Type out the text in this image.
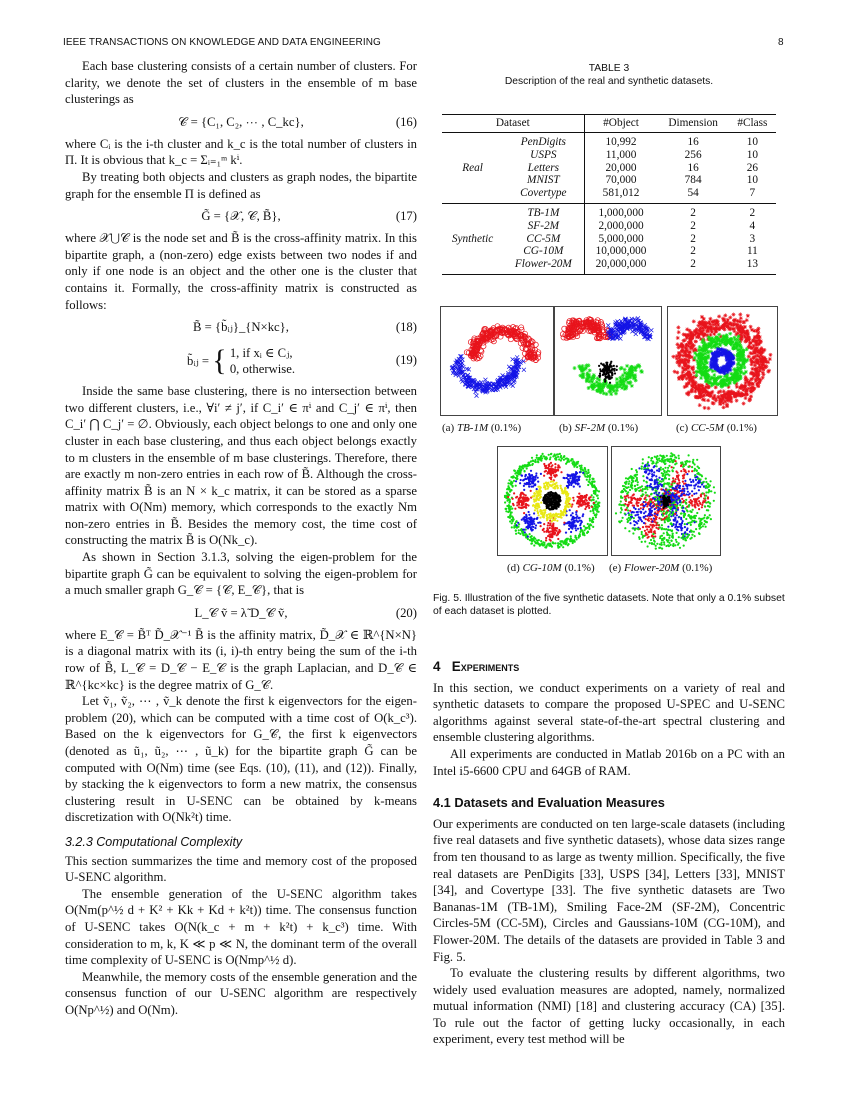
IEEE TRANSACTIONS ON KNOWLEDGE AND DATA ENGINEERING	8

Each base clustering consists of a certain number of clusters. For clarity, we denote the set of clusters in the ensemble of m base clusterings as

𝒞 = {C₁, C₂, ⋯ , C_kc},	(16)

where Cᵢ is the i-th cluster and k_c is the total number of clusters in Π. It is obvious that k_c = Σᵢ₌₁ᵐ kⁱ.

By treating both objects and clusters as graph nodes, the bipartite graph for the ensemble Π is defined as

G̃ = {𝒳, 𝒞, B̃},	(17)

where 𝒳⋃𝒞 is the node set and B̃ is the cross-affinity matrix. In this bipartite graph, a (non-zero) edge exists between two nodes if and only if one node is an object and the other one is the cluster that contains it. Formally, the cross-affinity matrix is constructed as follows:

B̃ = {b̃ᵢⱼ}_{N×kc},	(18)
b̃ᵢⱼ = { 1, if xᵢ ∈ Cⱼ,
0, otherwise.
(19)

Inside the same base clustering, there is no intersection between two different clusters, i.e., ∀i′ ≠ j′, if C_i′ ∈ πⁱ and C_j′ ∈ πⁱ, then C_i′ ⋂ C_j′ = ∅. Obviously, each object belongs to one and only one cluster in each base clustering, and thus each object belongs exactly to m clusters in the ensemble of m base clusterings. Therefore, there are exactly m non-zero entries in each row of B̃. Although the cross-affinity matrix B̃ is an N × k_c matrix, it can be stored as a sparse matrix with O(Nm) memory, which corresponds to the exactly Nm non-zero entries in B̃. Besides the memory cost, the time cost of constructing the matrix B̃ is O(Nk_c).

As shown in Section 3.1.3, solving the eigen-problem for the bipartite graph G̃ can be equivalent to solving the eigen-problem for a much smaller graph G_𝒞 = {𝒞, E_𝒞}, that is

L_𝒞 ṽ = λ̃ D_𝒞 ṽ,	(20)

where E_𝒞 = B̃ᵀ D̃_𝒳⁻¹ B̃ is the affinity matrix, D̃_𝒳 ∈ ℝ^{N×N} is a diagonal matrix with its (i, i)-th entry being the sum of the i-th row of B̃, L_𝒞 = D_𝒞 − E_𝒞 is the graph Laplacian, and D_𝒞 ∈ ℝ^{kc×kc} is the degree matrix of G_𝒞.

Let ṽ₁, ṽ₂, ⋯ , ṽ_k denote the first k eigenvectors for the eigen-problem (20), which can be computed with a time cost of O(k_c³). Based on the k eigenvectors for G_𝒞, the first k eigenvectors (denoted as ũ₁, ũ₂, ⋯ , ũ_k) for the bipartite graph G̃ can be computed with O(Nm) time (see Eqs. (10), (11), and (12)). Finally, by stacking the k eigenvectors to form a new matrix, the consensus clustering result in U-SENC can be obtained by k-means discretization with O(Nk²t) time.

3.2.3 Computational Complexity

This section summarizes the time and memory cost of the proposed U-SENC algorithm.

The ensemble generation of the U-SENC algorithm takes O(Nm(p^½ d + K² + Kk + Kd + k²t)) time. The consensus function of U-SENC takes O(N(k_c + m + k²t) + k_c³) time. With consideration to m, k, K ≪ p ≪ N, the dominant term of the overall time complexity of U-SENC is O(Nmp^½ d).

Meanwhile, the memory costs of the ensemble generation and the consensus function of our U-SENC algorithm are respectively O(Np^½) and O(Nm).

TABLE 3
Description of the real and synthetic datasets.
Dataset		#Object	Dimension	#Class
	PenDigits	10,992	16	10
	USPS	11,000	256	10
Real	Letters	20,000	16	26
	MNIST	70,000	784	10
	Covertype	581,012	54	7
	TB-1M	1,000,000	2	2
	SF-2M	2,000,000	2	4
Synthetic	CC-5M	5,000,000	2	3
	CG-10M	10,000,000	2	11
	Flower-20M	20,000,000	2	13
(a) TB-1M (0.1%)	(b) SF-2M (0.1%)	(c) CC-5M (0.1%)
(d) CG-10M (0.1%) (e) Flower-20M (0.1%)
Fig. 5. Illustration of the five synthetic datasets. Note that only a 0.1% subset of each dataset is plotted.
4 Experiments

In this section, we conduct experiments on a variety of real and synthetic datasets to compare the proposed U-SPEC and U-SENC algorithms against several state-of-the-art spectral clustering and ensemble clustering algorithms.

All experiments are conducted in Matlab 2016b on a PC with an Intel i5-6600 CPU and 64GB of RAM.

4.1 Datasets and Evaluation Measures

Our experiments are conducted on ten large-scale datasets (including five real datasets and five synthetic datasets), whose data sizes range from ten thousand to as large as twenty million. Specifically, the five real datasets are PenDigits [33], USPS [34], Letters [33], MNIST [34], and Covertype [33]. The five synthetic datasets are Two Bananas-1M (TB-1M), Smiling Face-2M (SF-2M), Concentric Circles-5M (CC-5M), Circles and Gaussians-10M (CG-10M), and Flower-20M. The details of the datasets are provided in Table 3 and Fig. 5.

To evaluate the clustering results by different algorithms, two widely used evaluation measures are adopted, namely, normalized mutual information (NMI) [18] and clustering accuracy (CA) [35]. To rule out the factor of getting lucky occasionally, in each experiment, every test method will be
